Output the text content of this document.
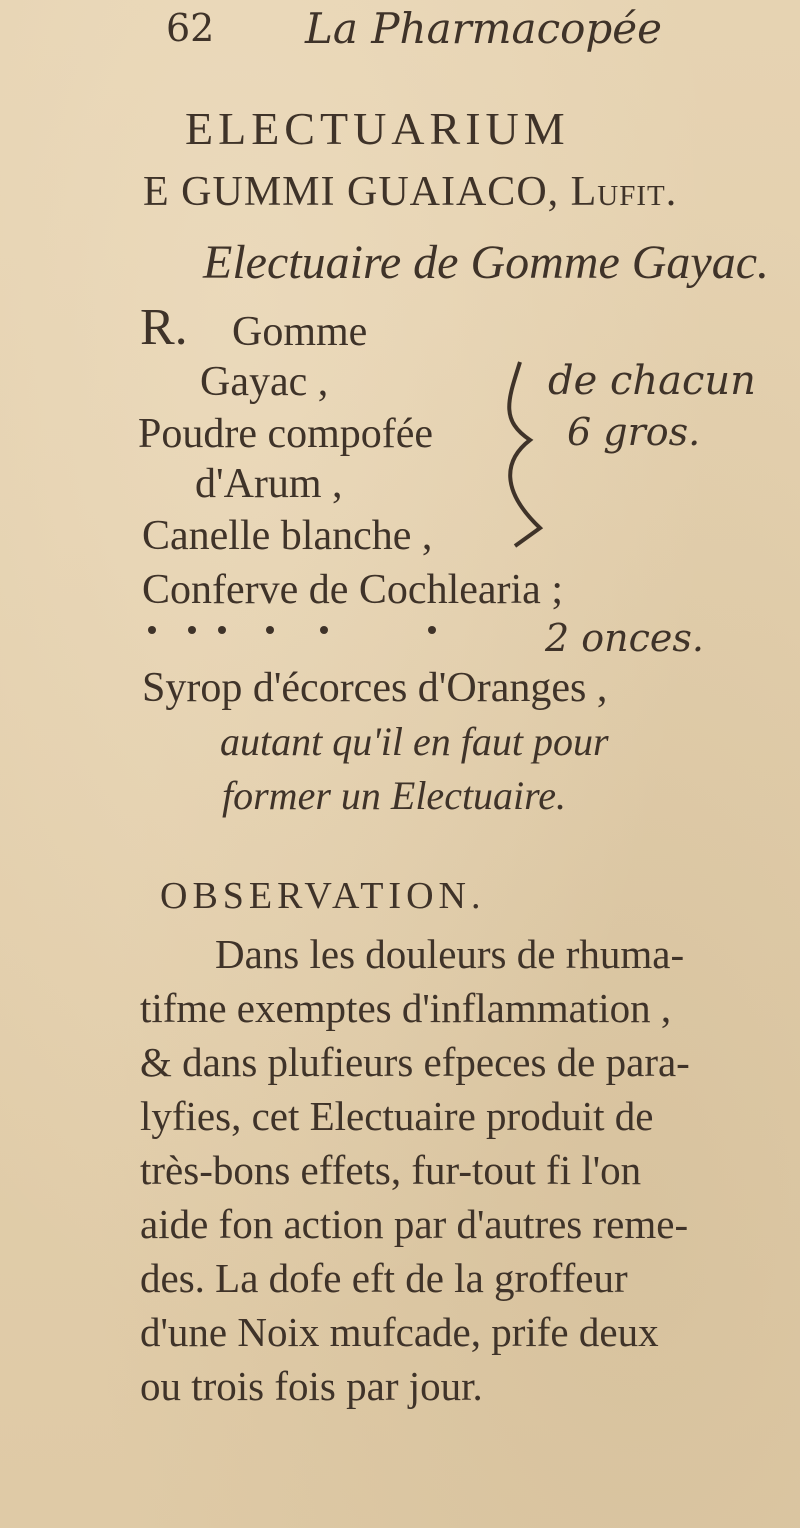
62 La Pharmacopée
ELECTUARIUM
E GUMMI GUAIACO, Lufit.
Electuaire de Gomme Gayac.
R. Gomme
Gayac ,
Poudre compofée
d'Arum ,
Canelle blanche ,
Conferve de Cochlearia ;
de chacun
6 gros.
2 onces.
Syrop d'écorces d'Oranges ,
autant qu'il en faut pour
former un Electuaire.
OBSERVATION.
Dans les douleurs de rhuma-
tifme exemptes d'inflammation ,
& dans plufieurs efpeces de para-
lyfies, cet Electuaire produit de
très-bons effets, fur-tout fi l'on
aide fon action par d'autres reme-
des. La dofe eft de la groffeur
d'une Noix mufcade, prife deux
ou trois fois par jour.
